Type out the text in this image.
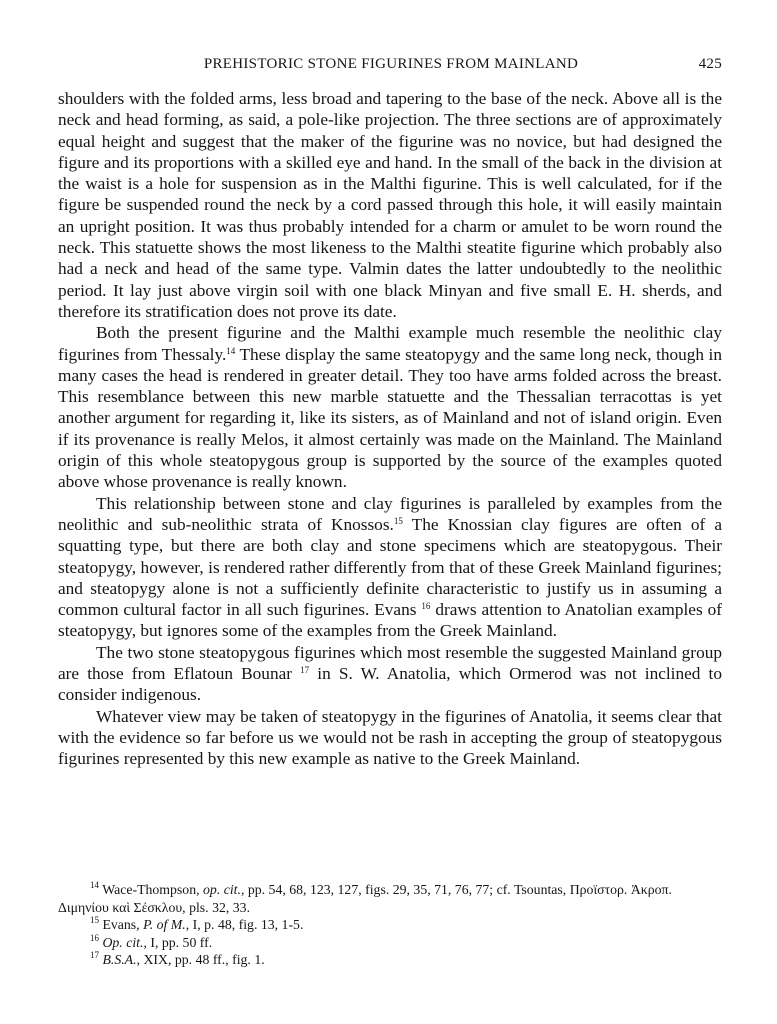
PREHISTORIC STONE FIGURINES FROM MAINLAND	425

shoulders with the folded arms, less broad and tapering to the base of the neck. Above all is the neck and head forming, as said, a pole-like projection. The three sections are of approximately equal height and suggest that the maker of the figurine was no novice, but had designed the figure and its proportions with a skilled eye and hand. In the small of the back in the division at the waist is a hole for suspension as in the Malthi figurine. This is well calculated, for if the figure be suspended round the neck by a cord passed through this hole, it will easily maintain an upright position. It was thus probably intended for a charm or amulet to be worn round the neck. This statuette shows the most likeness to the Malthi steatite figurine which probably also had a neck and head of the same type. Valmin dates the latter undoubtedly to the neolithic period. It lay just above virgin soil with one black Minyan and five small E. H. sherds, and therefore its stratification does not prove its date.

Both the present figurine and the Malthi example much resemble the neolithic clay figurines from Thessaly.$^{14}$ These display the same steatopygy and the same long neck, though in many cases the head is rendered in greater detail. They too have arms folded across the breast. This resemblance between this new marble statuette and the Thessalian terracottas is yet another argument for regarding it, like its sisters, as of Mainland and not of island origin. Even if its provenance is really Melos, it almost certainly was made on the Mainland. The Mainland origin of this whole steatopygous group is supported by the source of the examples quoted above whose provenance is really known.

This relationship between stone and clay figurines is paralleled by examples from the neolithic and sub-neolithic strata of Knossos.$^{15}$ The Knossian clay figures are often of a squatting type, but there are both clay and stone specimens which are steatopygous. Their steatopygy, however, is rendered rather differently from that of these Greek Mainland figurines; and steatopygy alone is not a sufficiently definite characteristic to justify us in assuming a common cultural factor in all such figurines. Evans $^{16}$ draws attention to Anatolian examples of steatopygy, but ignores some of the examples from the Greek Mainland.

The two stone steatopygous figurines which most resemble the suggested Mainland group are those from Eflatoun Bounar $^{17}$ in S. W. Anatolia, which Ormerod was not inclined to consider indigenous.

Whatever view may be taken of steatopygy in the figurines of Anatolia, it seems clear that with the evidence so far before us we would not be rash in accepting the group of steatopygous figurines represented by this new example as native to the Greek Mainland.

$^{14}$ Wace-Thompson, op. cit., pp. 54, 68, 123, 127, figs. 29, 35, 71, 76, 77; cf. Tsountas, Προϊστορ. Ἀκροπ. Διμηνίου καὶ Σέσκλου, pls. 32, 33.
$^{15}$ Evans, P. of M., I, p. 48, fig. 13, 1-5.
$^{16}$ Op. cit., I, pp. 50 ff.
$^{17}$ B.S.A., XIX, pp. 48 ff., fig. 1.
